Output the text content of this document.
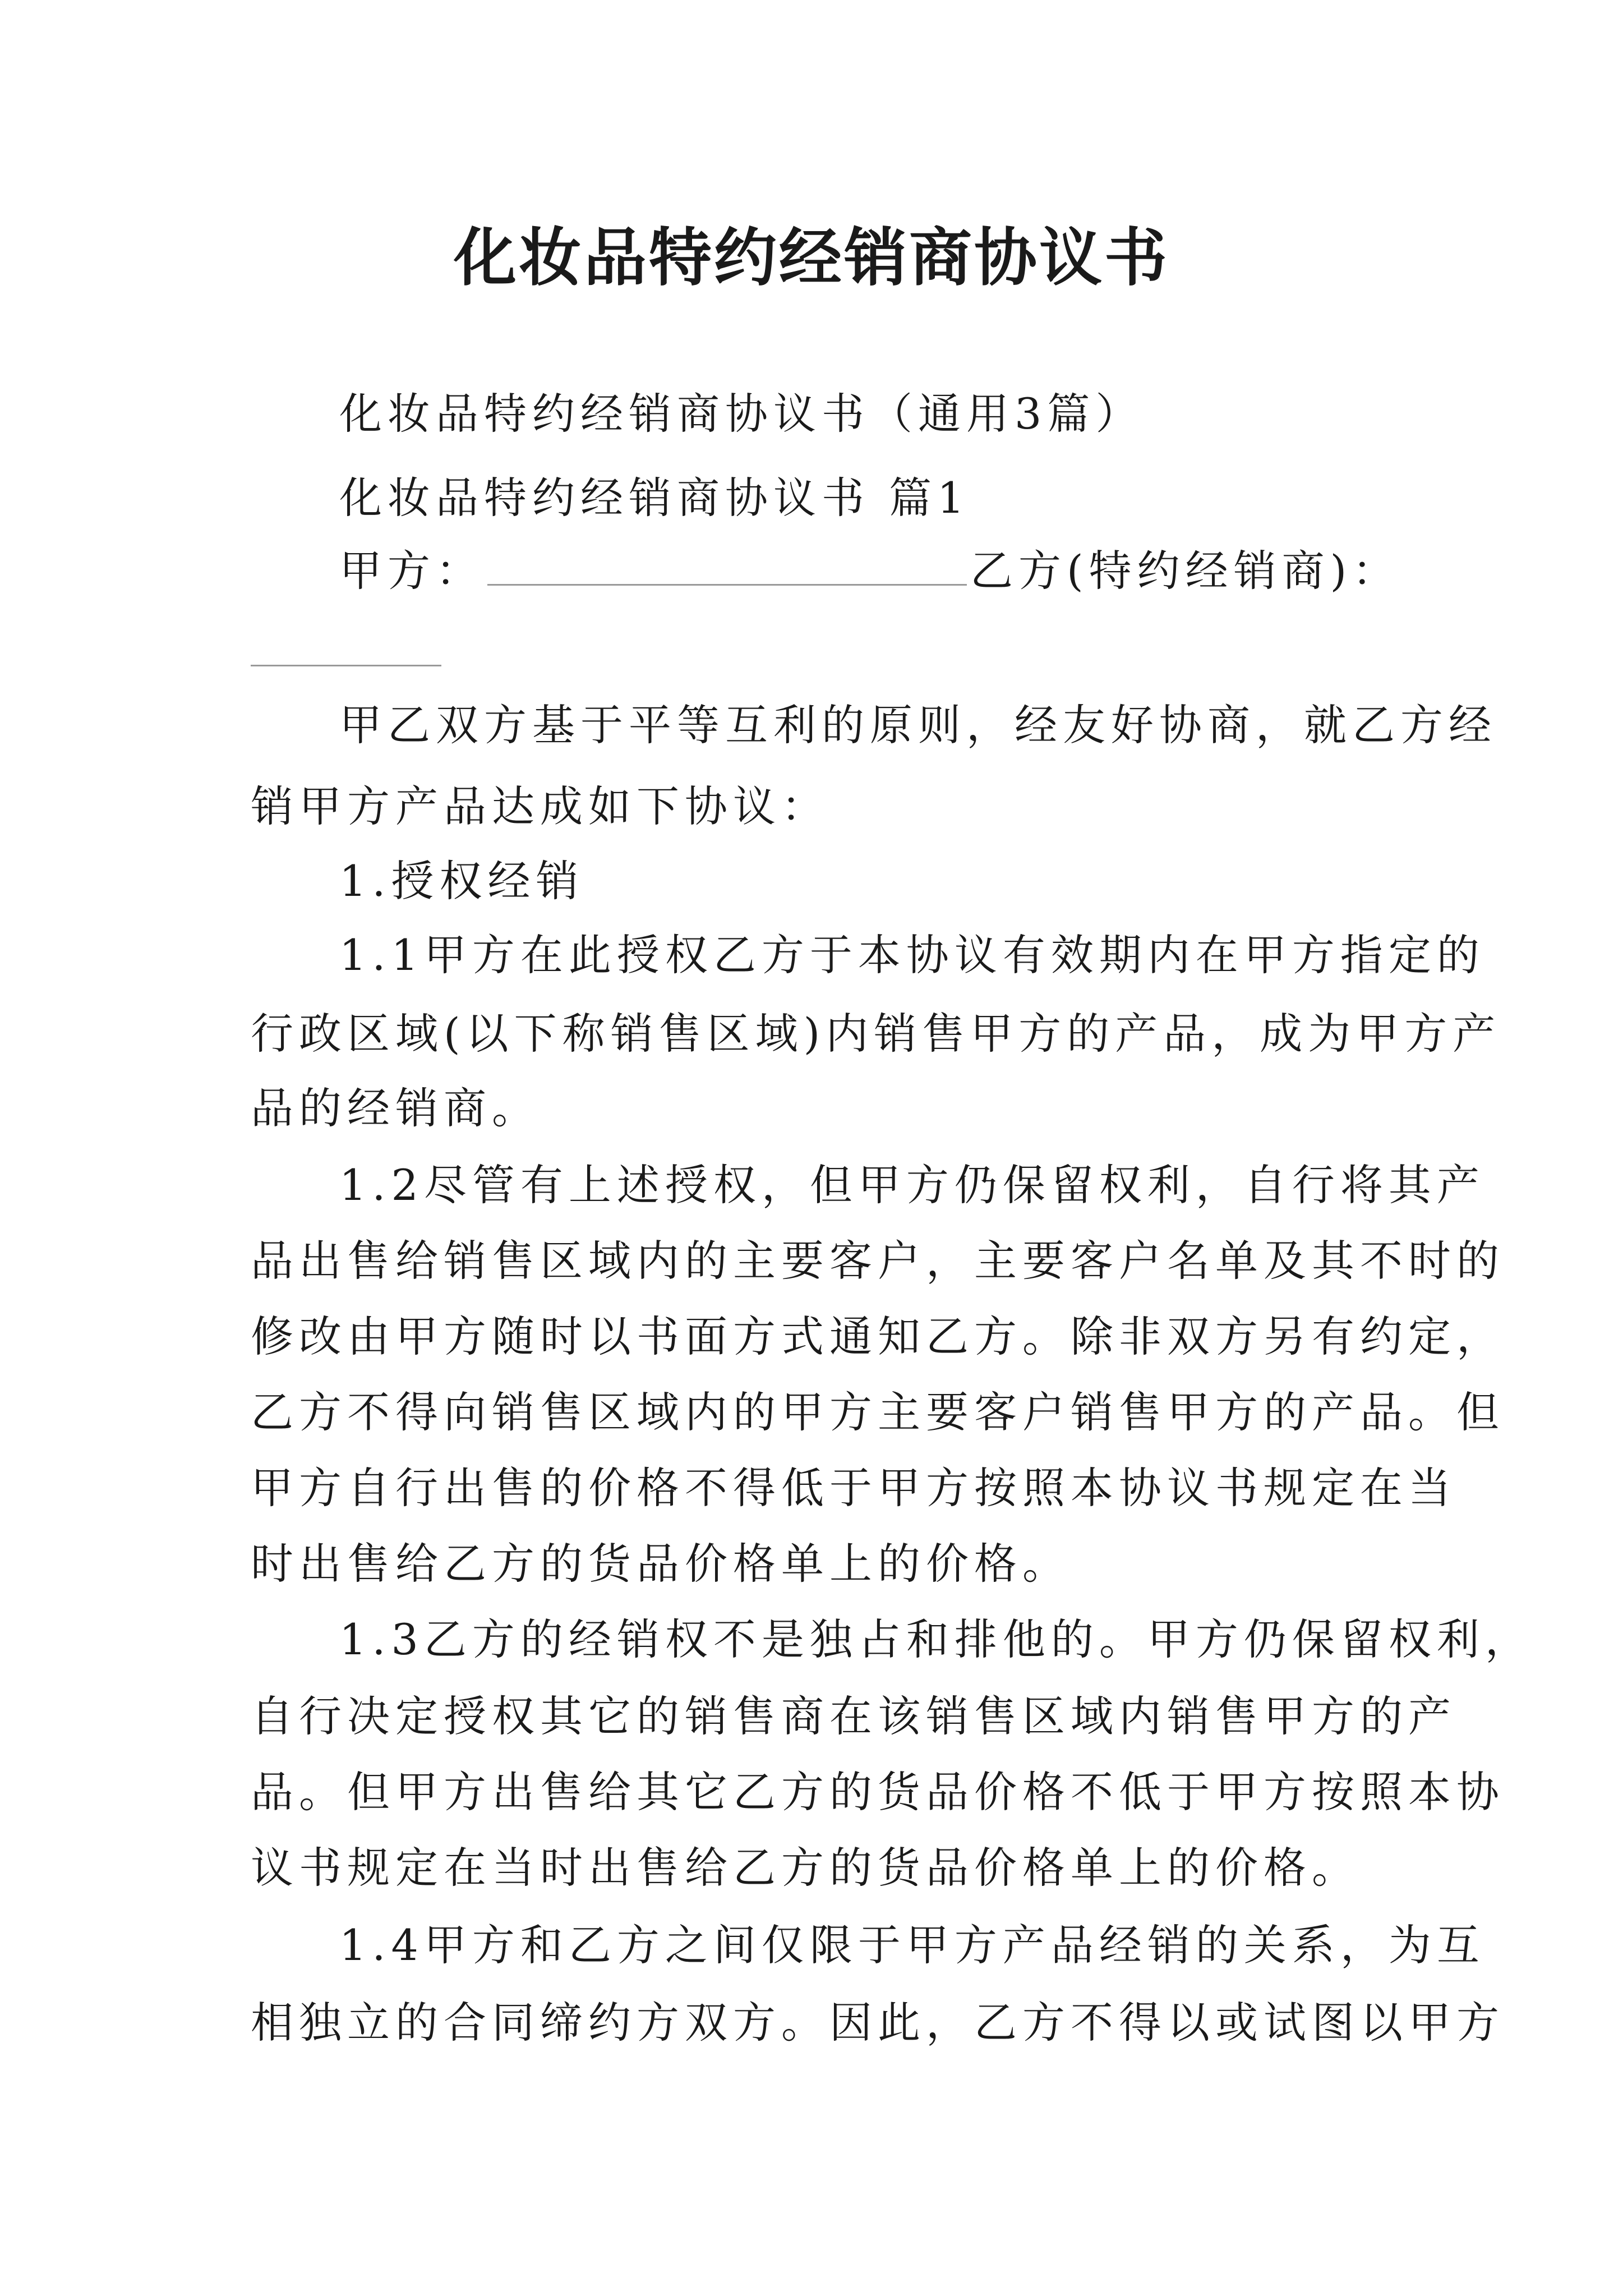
化妆品特约经销商协议书

化妆品特约经销商协议书（通用3篇）

化妆品特约经销商协议书 篇1

甲方：	乙方(特约经销商)：

甲乙双方基于平等互利的原则，经友好协商，就乙方经

销甲方产品达成如下协议：

1.授权经销

1.1甲方在此授权乙方于本协议有效期内在甲方指定的

行政区域(以下称销售区域)内销售甲方的产品，成为甲方产

品的经销商。

1.2尽管有上述授权，但甲方仍保留权利，自行将其产

品出售给销售区域内的主要客户，主要客户名单及其不时的

修改由甲方随时以书面方式通知乙方。除非双方另有约定，

乙方不得向销售区域内的甲方主要客户销售甲方的产品。但

甲方自行出售的价格不得低于甲方按照本协议书规定在当

时出售给乙方的货品价格单上的价格。

1.3乙方的经销权不是独占和排他的。甲方仍保留权利，

自行决定授权其它的销售商在该销售区域内销售甲方的产

品。但甲方出售给其它乙方的货品价格不低于甲方按照本协

议书规定在当时出售给乙方的货品价格单上的价格。

1.4甲方和乙方之间仅限于甲方产品经销的关系，为互

相独立的合同缔约方双方。因此，乙方不得以或试图以甲方
